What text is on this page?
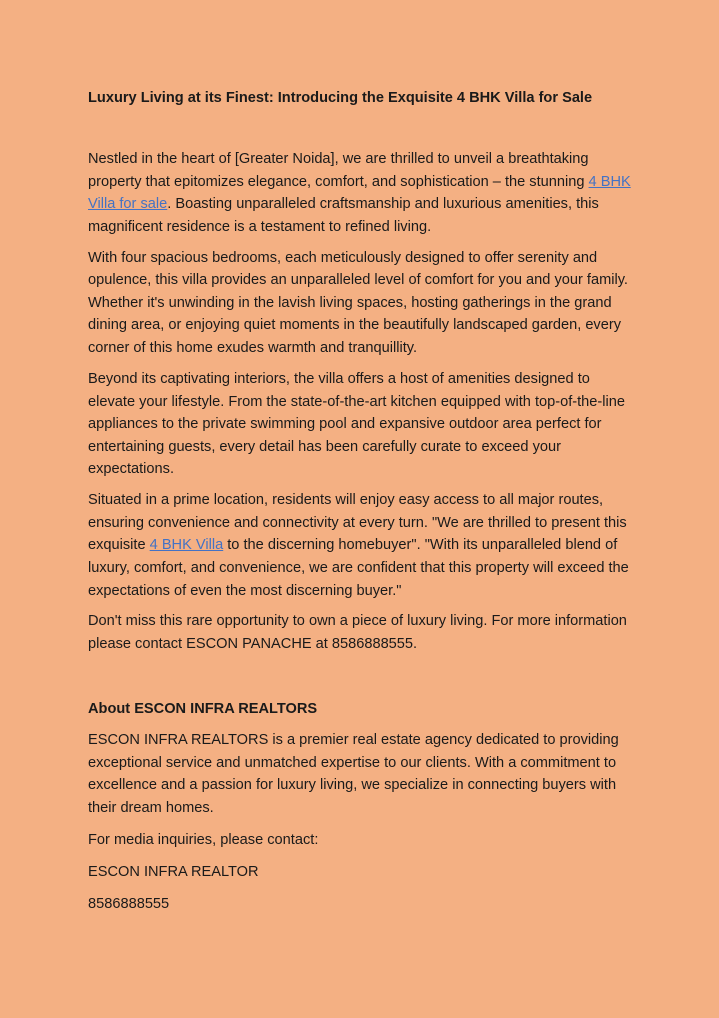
Luxury Living at its Finest: Introducing the Exquisite 4 BHK Villa for Sale

Nestled in the heart of [Greater Noida], we are thrilled to unveil a breathtaking property that epitomizes elegance, comfort, and sophistication – the stunning 4 BHK Villa for sale. Boasting unparalleled craftsmanship and luxurious amenities, this magnificent residence is a testament to refined living.

With four spacious bedrooms, each meticulously designed to offer serenity and opulence, this villa provides an unparalleled level of comfort for you and your family. Whether it's unwinding in the lavish living spaces, hosting gatherings in the grand dining area, or enjoying quiet moments in the beautifully landscaped garden, every corner of this home exudes warmth and tranquillity.

Beyond its captivating interiors, the villa offers a host of amenities designed to elevate your lifestyle. From the state-of-the-art kitchen equipped with top-of-the-line appliances to the private swimming pool and expansive outdoor area perfect for entertaining guests, every detail has been carefully curate to exceed your expectations.

Situated in a prime location, residents will enjoy easy access to all major routes, ensuring convenience and connectivity at every turn. "We are thrilled to present this exquisite 4 BHK Villa to the discerning homebuyer". "With its unparalleled blend of luxury, comfort, and convenience, we are confident that this property will exceed the expectations of even the most discerning buyer."

Don't miss this rare opportunity to own a piece of luxury living. For more information please contact ESCON PANACHE at 8586888555.

About ESCON INFRA REALTORS

ESCON INFRA REALTORS is a premier real estate agency dedicated to providing exceptional service and unmatched expertise to our clients. With a commitment to excellence and a passion for luxury living, we specialize in connecting buyers with their dream homes.

For media inquiries, please contact:

ESCON INFRA REALTOR

8586888555
